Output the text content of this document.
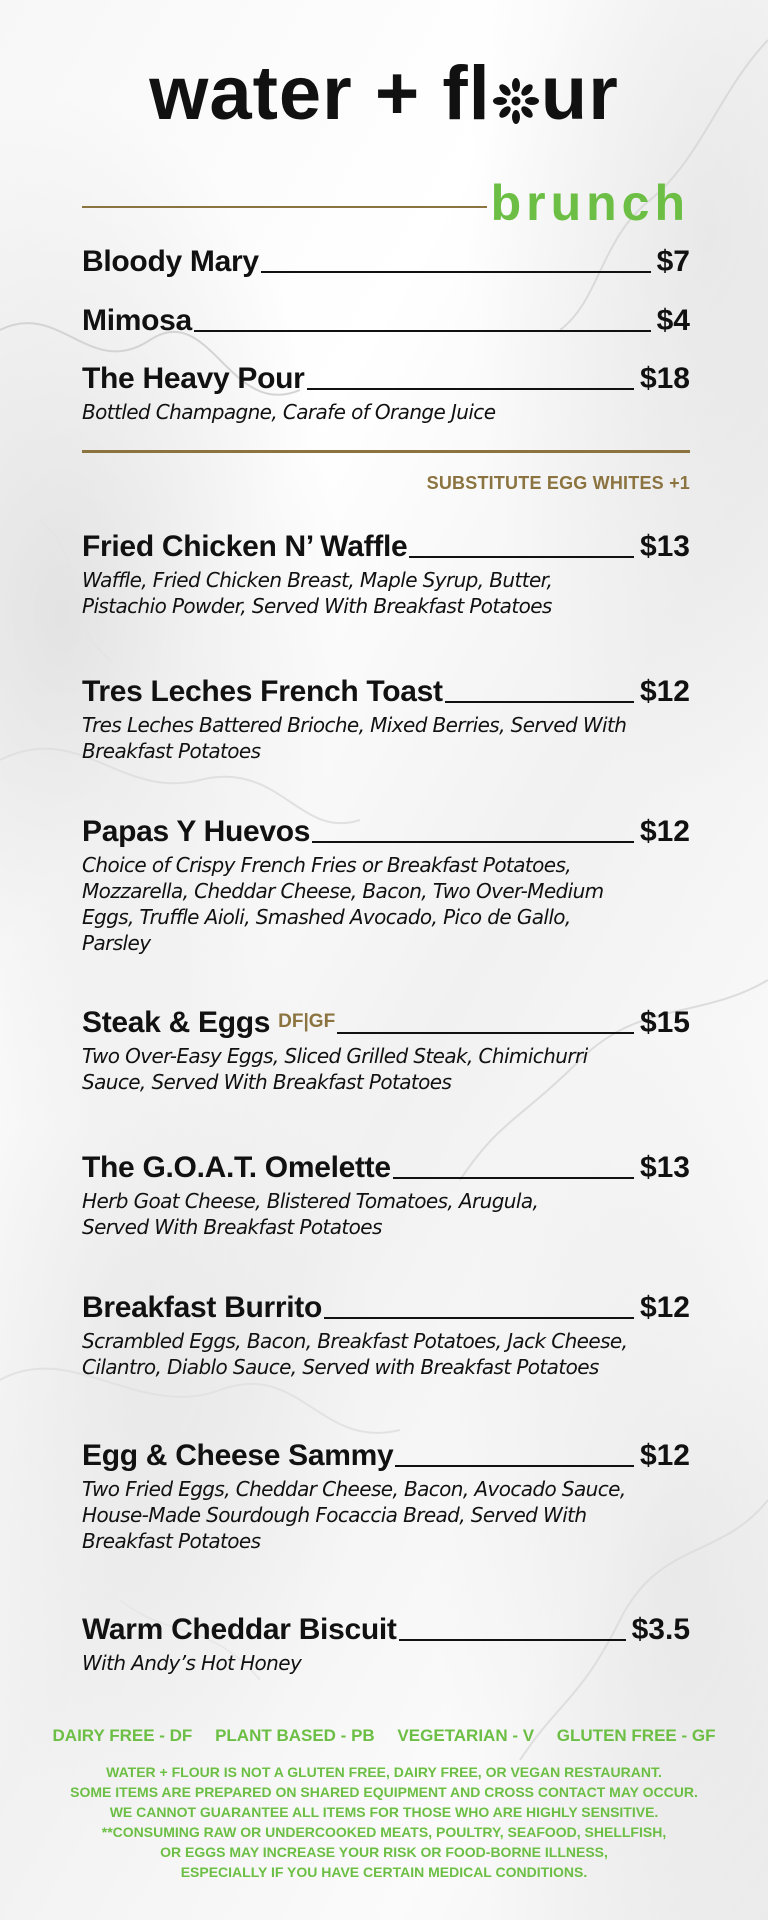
water + fl ur
brunch
Bloody Mary	$7
Mimosa	$4
The Heavy Pour	$18
Bottled Champagne, Carafe of Orange Juice
SUBSTITUTE EGG WHITES +1
Fried Chicken N’ Waffle	$13
Waffle, Fried Chicken Breast, Maple Syrup, Butter,
Pistachio Powder, Served With Breakfast Potatoes
Tres Leches French Toast	$12
Tres Leches Battered Brioche, Mixed Berries, Served With
Breakfast Potatoes
Papas Y Huevos	$12
Choice of Crispy French Fries or Breakfast Potatoes,
Mozzarella, Cheddar Cheese, Bacon, Two Over-Medium
Eggs, Truffle Aioli, Smashed Avocado, Pico de Gallo,
Parsley
Steak & Eggs DF|GF	$15
Two Over-Easy Eggs, Sliced Grilled Steak, Chimichurri
Sauce, Served With Breakfast Potatoes
The G.O.A.T. Omelette	$13
Herb Goat Cheese, Blistered Tomatoes, Arugula,
Served With Breakfast Potatoes
Breakfast Burrito	$12
Scrambled Eggs, Bacon, Breakfast Potatoes, Jack Cheese,
Cilantro, Diablo Sauce, Served with Breakfast Potatoes
Egg & Cheese Sammy	$12
Two Fried Eggs, Cheddar Cheese, Bacon, Avocado Sauce,
House-Made Sourdough Focaccia Bread, Served With
Breakfast Potatoes
Warm Cheddar Biscuit	$3.5
With Andy’s Hot Honey
DAIRY FREE - DF PLANT BASED - PB VEGETARIAN - V GLUTEN FREE - GF
WATER + FLOUR IS NOT A GLUTEN FREE, DAIRY FREE, OR VEGAN RESTAURANT.
SOME ITEMS ARE PREPARED ON SHARED EQUIPMENT AND CROSS CONTACT MAY OCCUR.
WE CANNOT GUARANTEE ALL ITEMS FOR THOSE WHO ARE HIGHLY SENSITIVE.
**CONSUMING RAW OR UNDERCOOKED MEATS, POULTRY, SEAFOOD, SHELLFISH,
OR EGGS MAY INCREASE YOUR RISK OR FOOD-BORNE ILLNESS,
ESPECIALLY IF YOU HAVE CERTAIN MEDICAL CONDITIONS.
